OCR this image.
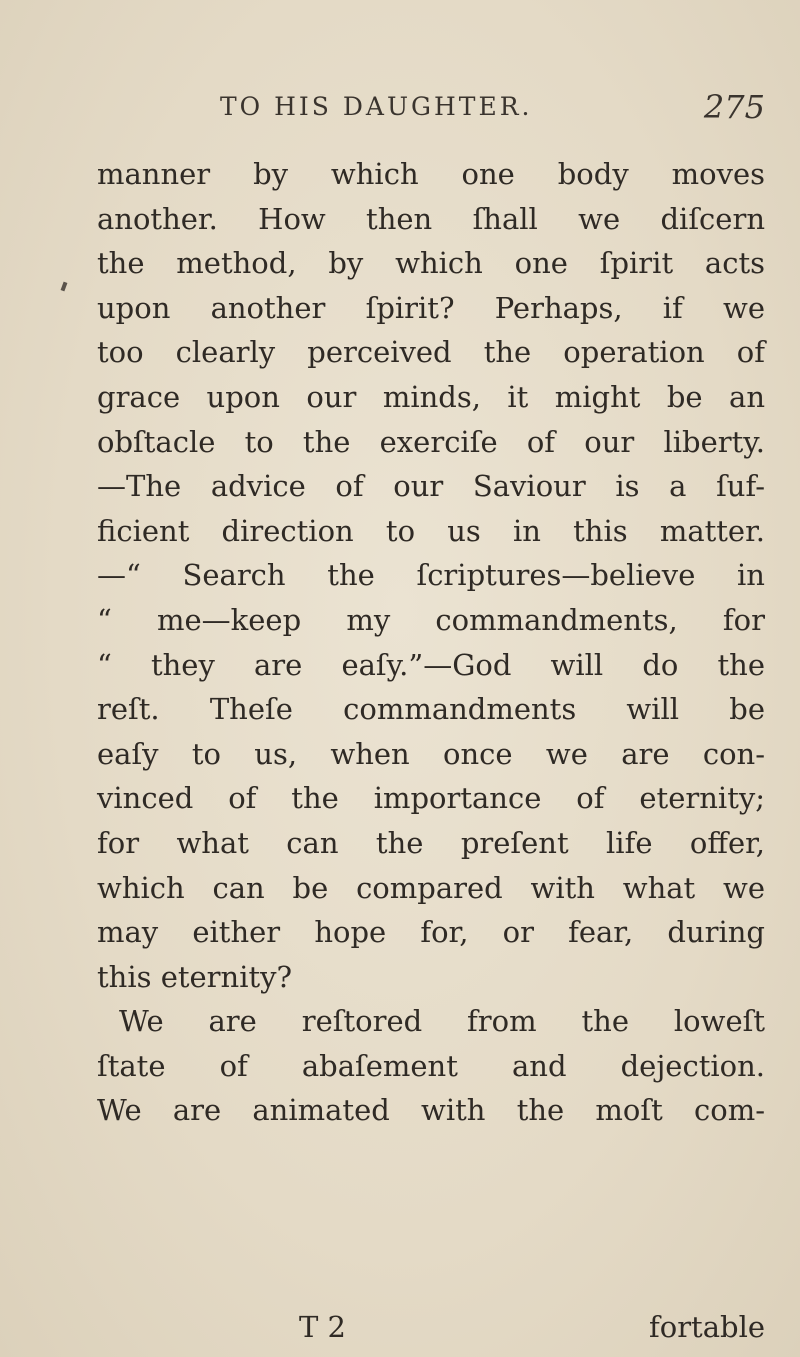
TO HIS DAUGHTER.	275
manner by which one body moves
another. How then ſhall we diſcern
the method, by which one ſpirit acts
upon another ſpirit? Perhaps, if we
too clearly perceived the operation of
grace upon our minds, it might be an
obſtacle to the exerciſe of our liberty.
—The advice of our Saviour is a ſuf-
ficient direction to us in this matter.
—“ Search the ſcriptures—believe in
“ me—keep my commandments, for
“ they are eaſy.”—God will do the
reſt. Theſe commandments will be
eaſy to us, when once we are con-
vinced of the importance of eternity;
for what can the preſent life offer,
which can be compared with what we
may either hope for, or fear, during
this eternity?
We are reſtored from the loweſt
ſtate of abaſement and dejection.
We are animated with the moſt com-
T 2	fortable
